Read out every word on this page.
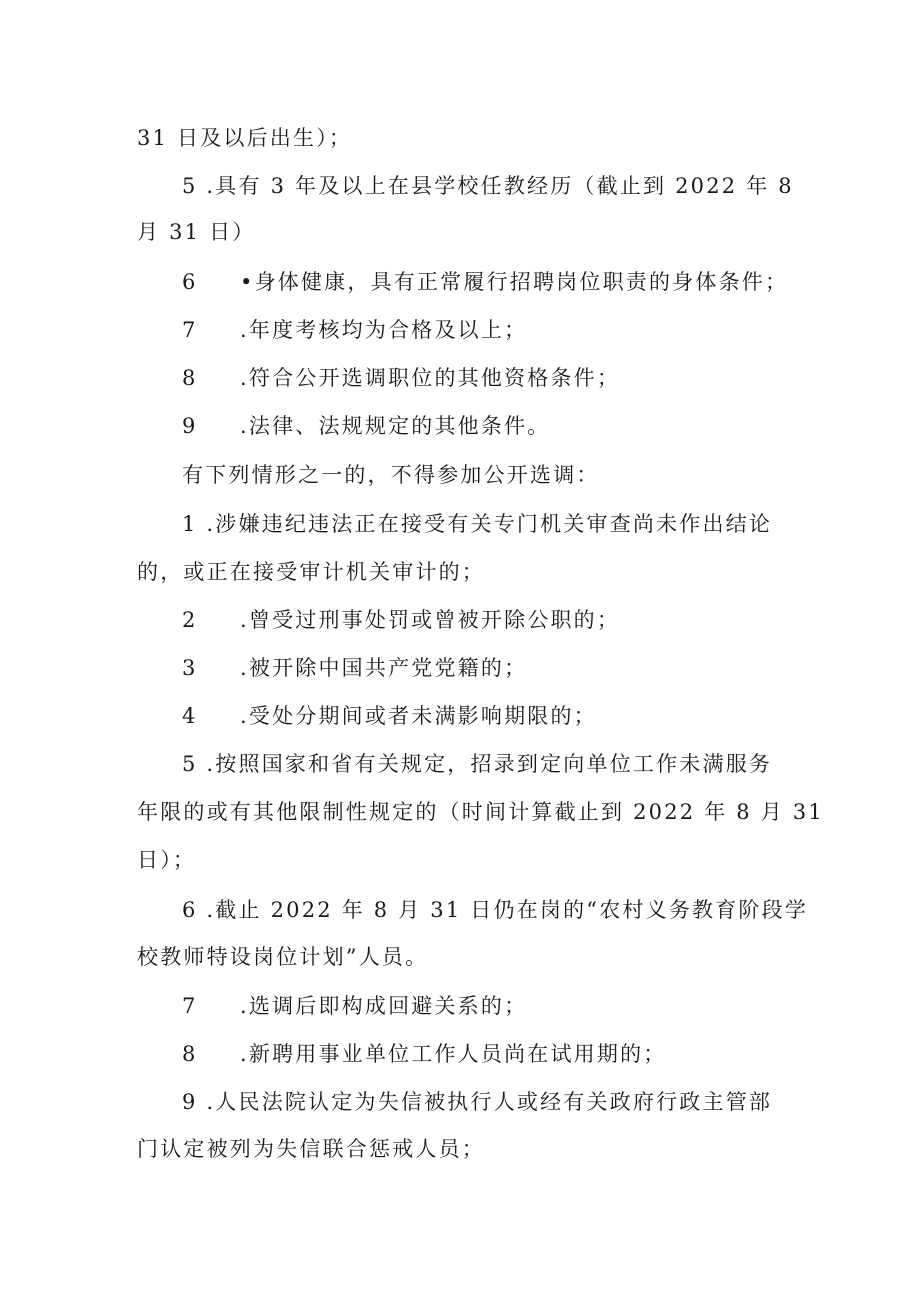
31 日及以后出生）；
5 .具有 3 年及以上在县学校任教经历（截止到 2022 年 8
月 31 日）
6 •身体健康，具有正常履行招聘岗位职责的身体条件；
7 .年度考核均为合格及以上；
8 .符合公开选调职位的其他资格条件；
9 .法律、法规规定的其他条件。
有下列情形之一的，不得参加公开选调：
1 .涉嫌违纪违法正在接受有关专门机关审查尚未作出结论
的，或正在接受审计机关审计的；
2 .曾受过刑事处罚或曾被开除公职的；
3 .被开除中国共产党党籍的；
4 .受处分期间或者未满影响期限的；
5 .按照国家和省有关规定，招录到定向单位工作未满服务
年限的或有其他限制性规定的（时间计算截止到 2022 年 8 月 31
日）；
6 .截止 2022 年 8 月 31 日仍在岗的“农村义务教育阶段学
校教师特设岗位计划”人员。
7 .选调后即构成回避关系的；
8 .新聘用事业单位工作人员尚在试用期的；
9 .人民法院认定为失信被执行人或经有关政府行政主管部
门认定被列为失信联合惩戒人员；
